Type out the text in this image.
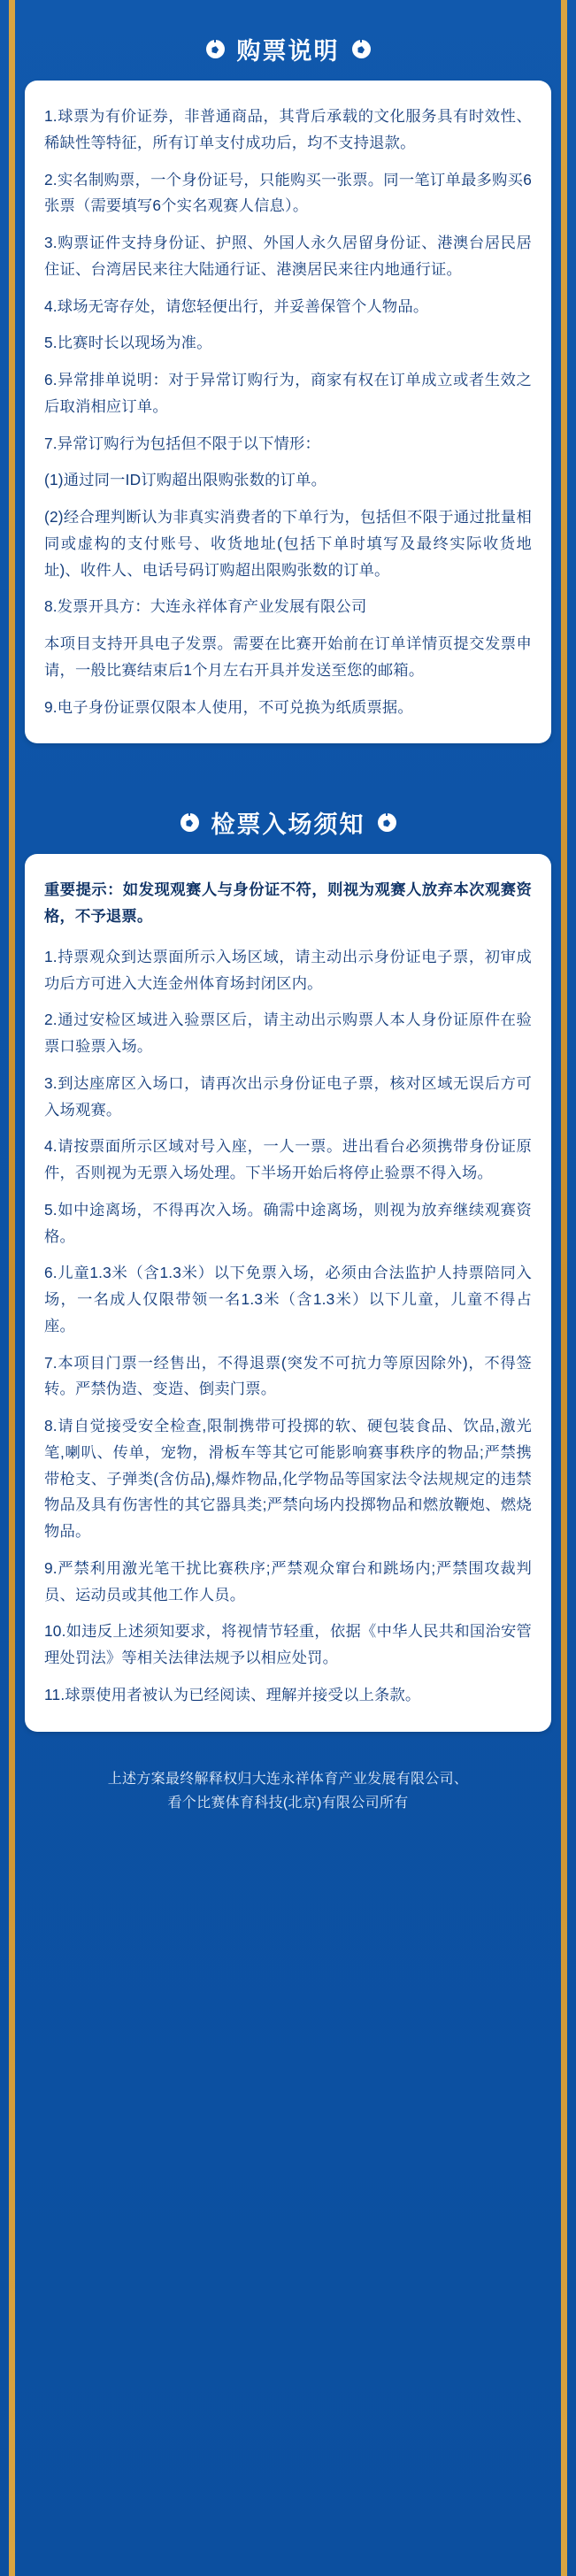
购票说明

1.球票为有价证券，非普通商品，其背后承载的文化服务具有时效性、稀缺性等特征，所有订单支付成功后，均不支持退款。

2.实名制购票，一个身份证号，只能购买一张票。同一笔订单最多购买6张票（需要填写6个实名观赛人信息）。

3.购票证件支持身份证、护照、外国人永久居留身份证、港澳台居民居住证、台湾居民来往大陆通行证、港澳居民来往内地通行证。

4.球场无寄存处，请您轻便出行，并妥善保管个人物品。

5.比赛时长以现场为准。

6.异常排单说明：对于异常订购行为，商家有权在订单成立或者生效之后取消相应订单。

7.异常订购行为包括但不限于以下情形：

(1)通过同一ID订购超出限购张数的订单。

(2)经合理判断认为非真实消费者的下单行为，包括但不限于通过批量相同或虚构的支付账号、收货地址(包括下单时填写及最终实际收货地址)、收件人、电话号码订购超出限购张数的订单。

8.发票开具方：大连永祥体育产业发展有限公司

本项目支持开具电子发票。需要在比赛开始前在订单详情页提交发票申请，一般比赛结束后1个月左右开具并发送至您的邮箱。

9.电子身份证票仅限本人使用，不可兑换为纸质票据。

检票入场须知

重要提示：如发现观赛人与身份证不符，则视为观赛人放弃本次观赛资格，不予退票。

1.持票观众到达票面所示入场区域，请主动出示身份证电子票，初审成功后方可进入大连金州体育场封闭区内。

2.通过安检区域进入验票区后，请主动出示购票人本人身份证原件在验票口验票入场。

3.到达座席区入场口，请再次出示身份证电子票，核对区域无误后方可入场观赛。

4.请按票面所示区域对号入座，一人一票。进出看台必须携带身份证原件，否则视为无票入场处理。下半场开始后将停止验票不得入场。

5.如中途离场，不得再次入场。确需中途离场，则视为放弃继续观赛资格。

6.儿童1.3米（含1.3米）以下免票入场，必须由合法监护人持票陪同入场，一名成人仅限带领一名1.3米（含1.3米）以下儿童，儿童不得占座。

7.本项目门票一经售出，不得退票(突发不可抗力等原因除外)，不得签转。严禁伪造、变造、倒卖门票。

8.请自觉接受安全检查,限制携带可投掷的软、硬包装食品、饮品,激光笔,喇叭、传单，宠物，滑板车等其它可能影响赛事秩序的物品;严禁携带枪支、子弹类(含仿品),爆炸物品,化学物品等国家法令法规规定的违禁物品及具有伤害性的其它器具类;严禁向场内投掷物品和燃放鞭炮、燃烧物品。

9.严禁利用激光笔干扰比赛秩序;严禁观众窜台和跳场内;严禁围攻裁判员、运动员或其他工作人员。

10.如违反上述须知要求，将视情节轻重，依据《中华人民共和国治安管理处罚法》等相关法律法规予以相应处罚。

11.球票使用者被认为已经阅读、理解并接受以上条款。

上述方案最终解释权归大连永祥体育产业发展有限公司、

看个比赛体育科技(北京)有限公司所有
